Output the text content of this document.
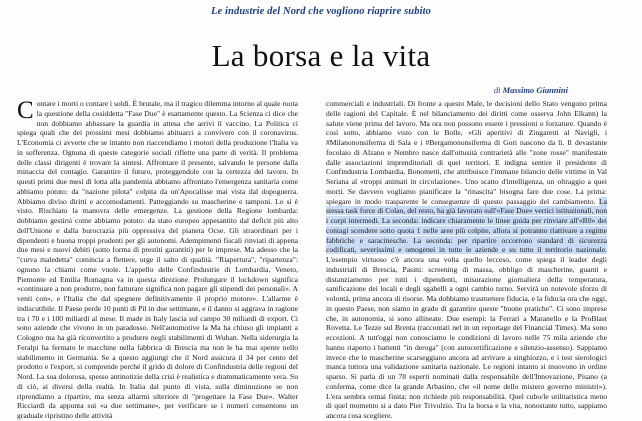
Le industrie del Nord che vogliono riaprire subito
La borsa e la vita
di Massimo Giannini

Contare i morti o contare i soldi. È brutale, ma il tragico dilemma intorno al quale ruota la questione della cosiddetta "Fase Due" è esattamente questo. La Scienza ci dice che non dobbiamo abbassare la guardia in attesa che arrivi il vaccino. La Politica ci spiega quali che dei prossimi mesi dobbiamo abituarci a convivere con il coronavirus. L'Economia ci avverte che se intanto non riaccendiamo i motori della produzione l'Italia va in sofferenza. Ognuna di queste categorie sociali riflette una parte di verità. Il problema delle classi dirigenti è trovare la sintesi. Affrontare il presente, salvando le persone dalla minaccia del contagio. Garantire il futuro, proteggendole con la certezza del lavoro. In questi primi due mesi di lotta alla pandemia abbiamo affrontato l'emergenza sanitaria come abbiamo potuto: da "nazione pilota" colpita da un'Apocalisse mai vista dal dopoguerra. Abbiamo diviso diritti e accomodamenti. Patteggiando su mascherine e tamponi. Lo si è visto. Rischiato la manovra delle emergenze. La gestione della Regione lombarda: dobbiamo gestirsi come abbiamo potuto: da stato europeo appesantito dal deficit più alto dell'Unione e dalla burocrazia più oppressiva del pianeta Ocse. Gli straordinari per i dipendenti e buona troppi prudenti per gli autonomi. Adempimenti fiscali rinviati di appena due mesi e nuovi debiti (sotto forma di prestiti garantiti) per le imprese. Ma adesso che la "curva maledetta" comincia a flettere, urge il salto di qualità. "Riapertura", "ripartenza": ognuno la chiami come vuole. L'appello delle Confindustrie di Lombardia, Veneto, Piemonte ed Emilia Romagna va in questa direzione. Prolungare il lockdown significa «continuare a non produrre, non fatturare significa non pagare gli stipendi dei personali». A venti con», e l'Italia che dal spegnere definitivamente il proprio motore». L'allarme è indiscutibile. Il Paese perde 10 punti di Pil in due settimane, e il danno si aggrava in ragione tra i 70 e i 100 miliardi al mese. Il made in Italy lascia sul campo 30 miliardi di export. Ci sono aziende che vivono in un paradosso. Nell'automotive la Ma ha chiuso gli impianti a Cologno ma ha già riconvertito a produrre negli stabilimenti di Wuhan. Nella siderurgia la Feralpi ha fermato le macchine nella fabbrica di Brescia ma non le ha mai spente nello stabilimento in Germania. Se a questo aggiungi che il Nord assicura il 34 per cento del prodotto e l'export, si comprende perché il grido di dolore di Confindustria delle regioni del Nord. La sua dolorosa, spesso antinotizie della crisi è realistica e drammaticamente vera. Su di ciò, ai diversi della realtà. In Italia dal punto di vista, sulla diminuzione se non riprendiamo a ripartire, ma senza allarmi ulteriore di "progettare la Fase Due». Walter Ricciardi da appunta sui «a due settimane», per verificare se i numeri consentono un graduale ripristino delle attività

commerciali e industriali. Di fronte a questo Male, le decisioni dello Stato vengono prima delle ragioni del Capitale. È nel bilanciamento dei diritti come osserva John Elkann) la salute viene prima del lavoro. Ma ora non possono essere i pressioni o forzature. Quando è così sotto, abbiamo visto con le Bolle, «Gli aperitivi di Zingaretti al Navigli, i #Milanononsiferma di Sala e i #Bergamononsiferma di Gori nascono da lì. Il devastante focolaio di Alzano e Nembro nasce dall'ottusità contrarietà alle "zone rosse" manifestate dalle associazioni imprenditoriali di quei territori. E indigna sentire il presidente di Confindustria Lombardia, Bonometti, che attribuisce l'immane bilancio delle vittime in Val Seriana al «troppi animati in circolazione». Uno scatto d'intelligenza, un oltraggio a quei morti. Se davvero vogliamo pianificare la "rinascita" bisogna fare due cose. La prima: spiegare in modo trasparente le conseguenze di questo passaggio del cambiamento. La stessa task force di Colao, del resto, ha già lavorato sull'«Fase Due» vertici istituzionali, non i corpi intermedi. La seconda: indicare chiaramente le linee guida per rinviare all'«R0» dei contagi scendere sotto quota 1 nelle aree più colpite, allora si potranno riattivare a regime fabbriche e saracinesche. La seconda: per ripartire occorrono standard di sicurezza codificati, severissimi e omogenei in tutte le aziende e su tutto il territorio nazionale. L'esempio virtuoso c'è ancora una volta quello lecceso, come spiega il leader degli industriali di Brescia, Pasini: screening di massa, obbligo di mascherine, guanti e distanziamento per tutti i dipendenti, misurazione giornaliera della temperatura, sanificazione dei locali e degli sgabelli a ogni cambio turno. Servirà un notevole sforzo di volontà, prima ancora di risorse. Ma dobbiamo trasmettere fiducia, e la fiducia ora che oggi, in questo Paese, non siamo in grado di garantire queste "buone pratiche". Ci sono imprese che, in autonomia, si sono allineate. Due esempi: la Ferrari a Maranello e la ProBlast Rovetta. Le Tezze sul Brenta (raccontati nel in un reportage del Financial Times). Ma sono eccezioni. A tutt'oggi non conosciamo le condizioni di lavoro nelle 75 mila aziende che hanno riaperto i battenti "in deroga" (con autocertificazione e silenzio-assenso). Sappiamo invece che le mascherine scarseggiano ancora ad arrivare a singhiozzo, e i test sierologici manca tuttora una validazione sanitaria nazionale. Le regioni intanto si muovono in ordine sparso. Si parla di un 78 esperti nominati dalla responsabile dell'Innovazione, Pisano (a conferma, come dice la grande Arbasino, che «il nome dello mistero governo ministri»). L'era sembra ormai finita: non richiede più responsabilità. Quel cubo/le utilitaristica meno di quel momento si a dato Pier Trivulzio. Tra la borsa e la vita, nonostante tutto, sappiamo ancora cosa scegliere.
